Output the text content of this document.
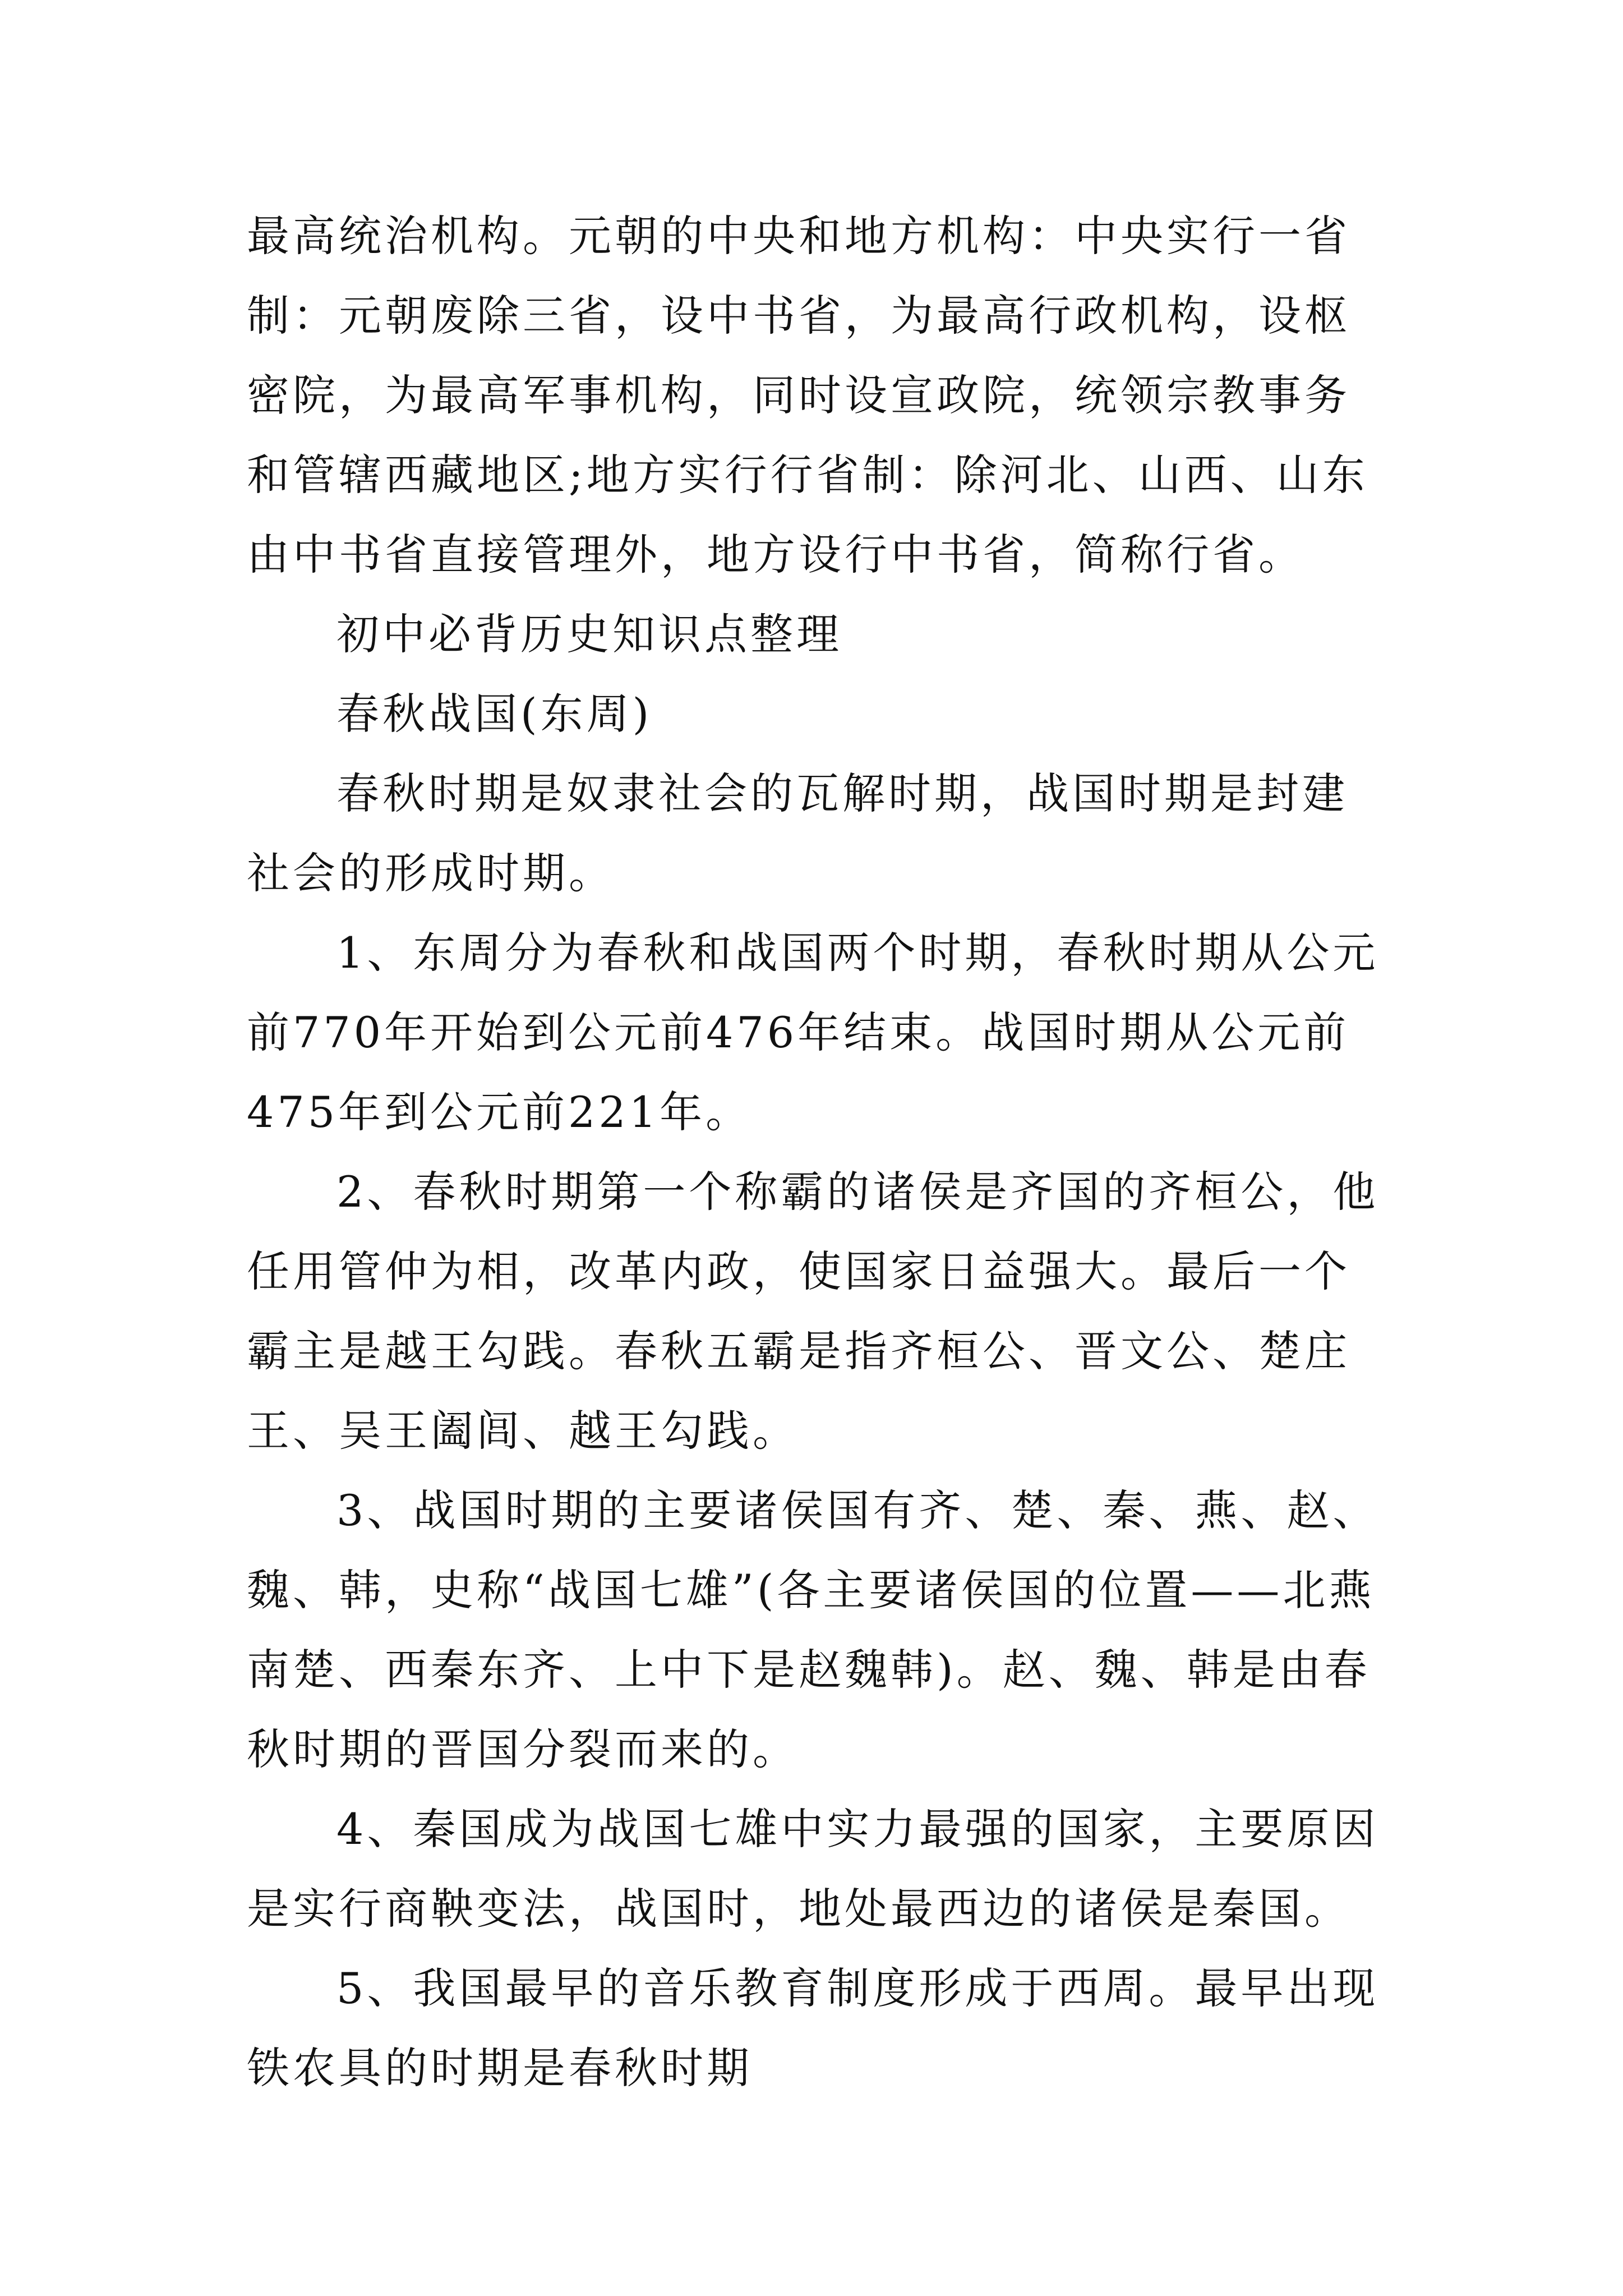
最高统治机构。元朝的中央和地方机构：中央实行一省制：元朝废除三省，设中书省，为最高行政机构，设枢密院，为最高军事机构，同时设宣政院，统领宗教事务和管辖西藏地区;地方实行行省制：除河北、山西、山东由中书省直接管理外，地方设行中书省，简称行省。

初中必背历史知识点整理

春秋战国(东周)

春秋时期是奴隶社会的瓦解时期，战国时期是封建社会的形成时期。

1、东周分为春秋和战国两个时期，春秋时期从公元前770年开始到公元前476年结束。战国时期从公元前475年到公元前221年。

2、春秋时期第一个称霸的诸侯是齐国的齐桓公，他任用管仲为相，改革内政，使国家日益强大。最后一个霸主是越王勾践。春秋五霸是指齐桓公、晋文公、楚庄王、吴王阖闾、越王勾践。

3、战国时期的主要诸侯国有齐、楚、秦、燕、赵、魏、韩，史称“战国七雄”(各主要诸侯国的位置——北燕南楚、西秦东齐、上中下是赵魏韩)。赵、魏、韩是由春秋时期的晋国分裂而来的。

4、秦国成为战国七雄中实力最强的国家，主要原因是实行商鞅变法，战国时，地处最西边的诸侯是秦国。

5、我国最早的音乐教育制度形成于西周。最早出现铁农具的时期是春秋时期
